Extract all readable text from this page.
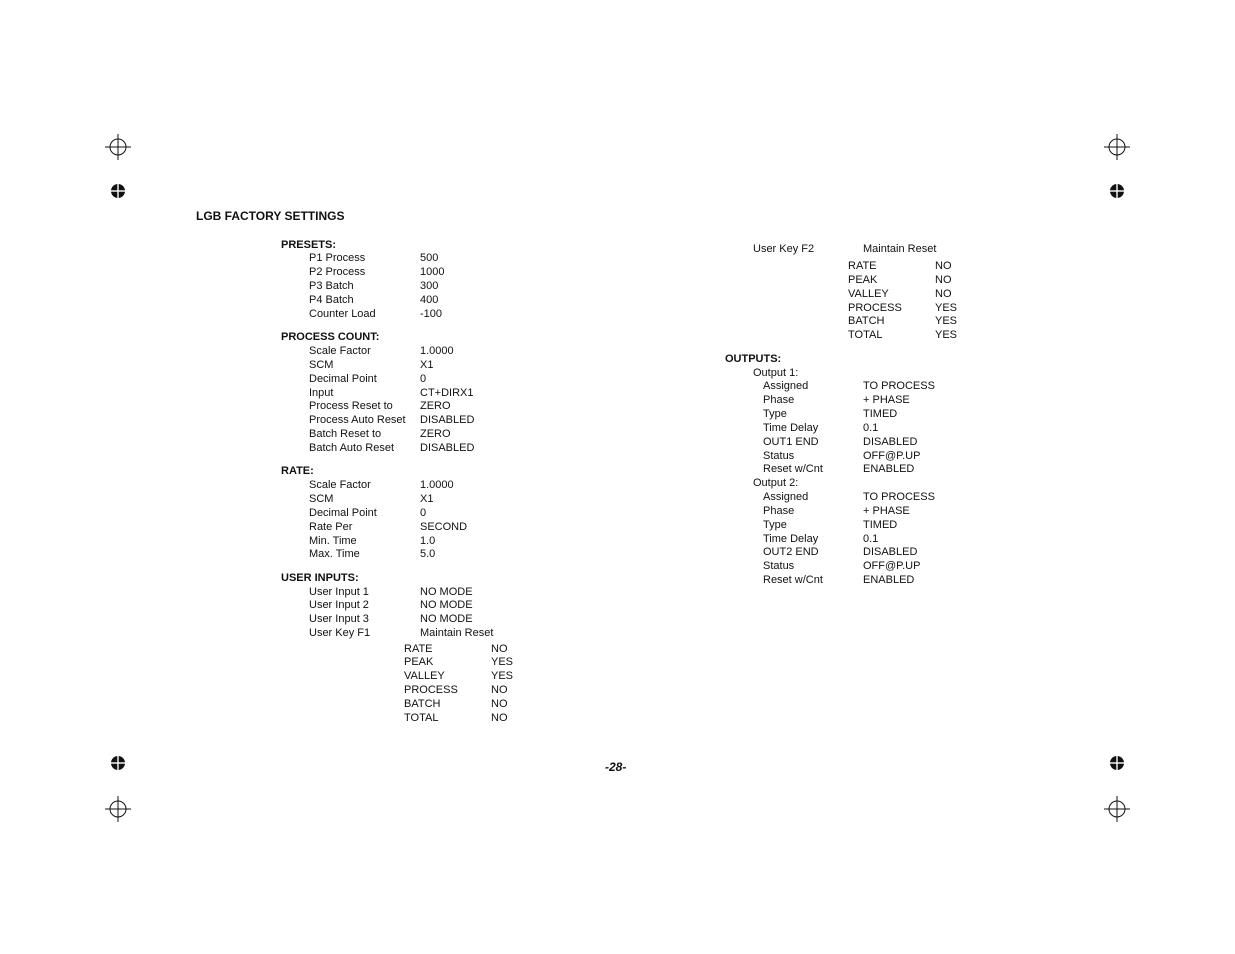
LGB FACTORY SETTINGS
PRESETS:
P1 Process	500
P2 Process	1000
P3 Batch	300
P4 Batch	400
Counter Load	-100
PROCESS COUNT:
Scale Factor	1.0000
SCM	X1
Decimal Point	0
Input	CT+DIRX1
Process Reset to ZERO
Process Auto Reset DISABLED
Batch Reset to	ZERO
Batch Auto Reset DISABLED
RATE:
Scale Factor	1.0000
SCM	X1
Decimal Point	0
Rate Per	SECOND
Min. Time	1.0
Max. Time	5.0
USER INPUTS:
User Input 1	NO MODE
User Input 2	NO MODE
User Input 3	NO MODE
User Key F1	Maintain Reset
RATE	NO
PEAK	YES
VALLEY	YES
PROCESS	NO
BATCH	NO
TOTAL	NO
User Key F2	Maintain Reset
RATE	NO
PEAK	NO
VALLEY	NO
PROCESS	YES
BATCH	YES
TOTAL	YES
OUTPUTS:
Output 1:
Assigned	TO PROCESS
Phase	+ PHASE
Type	TIMED
Time Delay	0.1
OUT1 END	DISABLED
Status	OFF@P.UP
Reset w/Cnt	ENABLED
Output 2:
Assigned	TO PROCESS
Phase	+ PHASE
Type	TIMED
Time Delay	0.1
OUT2 END	DISABLED
Status	OFF@P.UP
Reset w/Cnt	ENABLED
-28-
